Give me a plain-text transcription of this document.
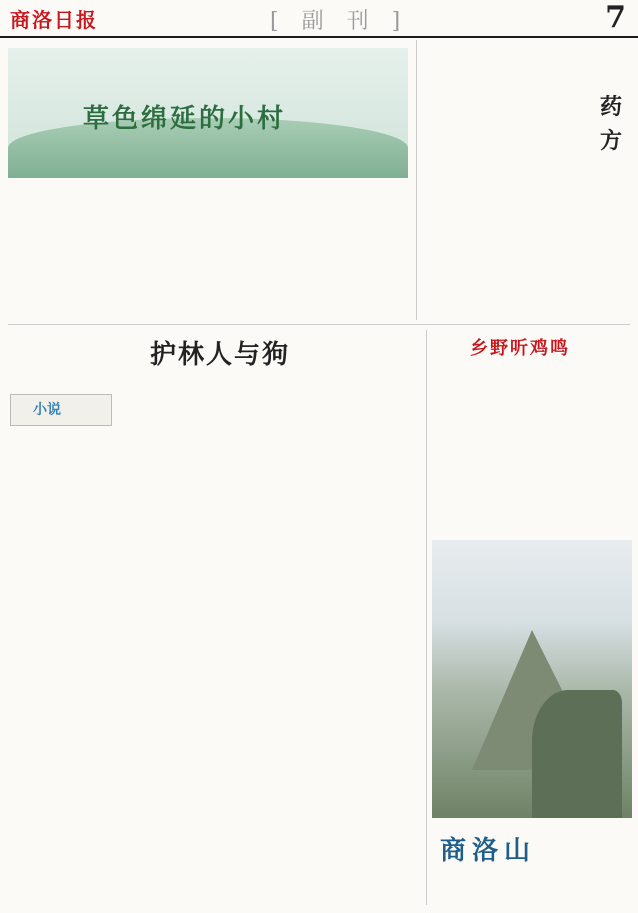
商洛日报	[ 副 刊 ]	7
草色绵延的小村	药方
护林人与狗
小说
乡野听鸡鸣
商洛山
